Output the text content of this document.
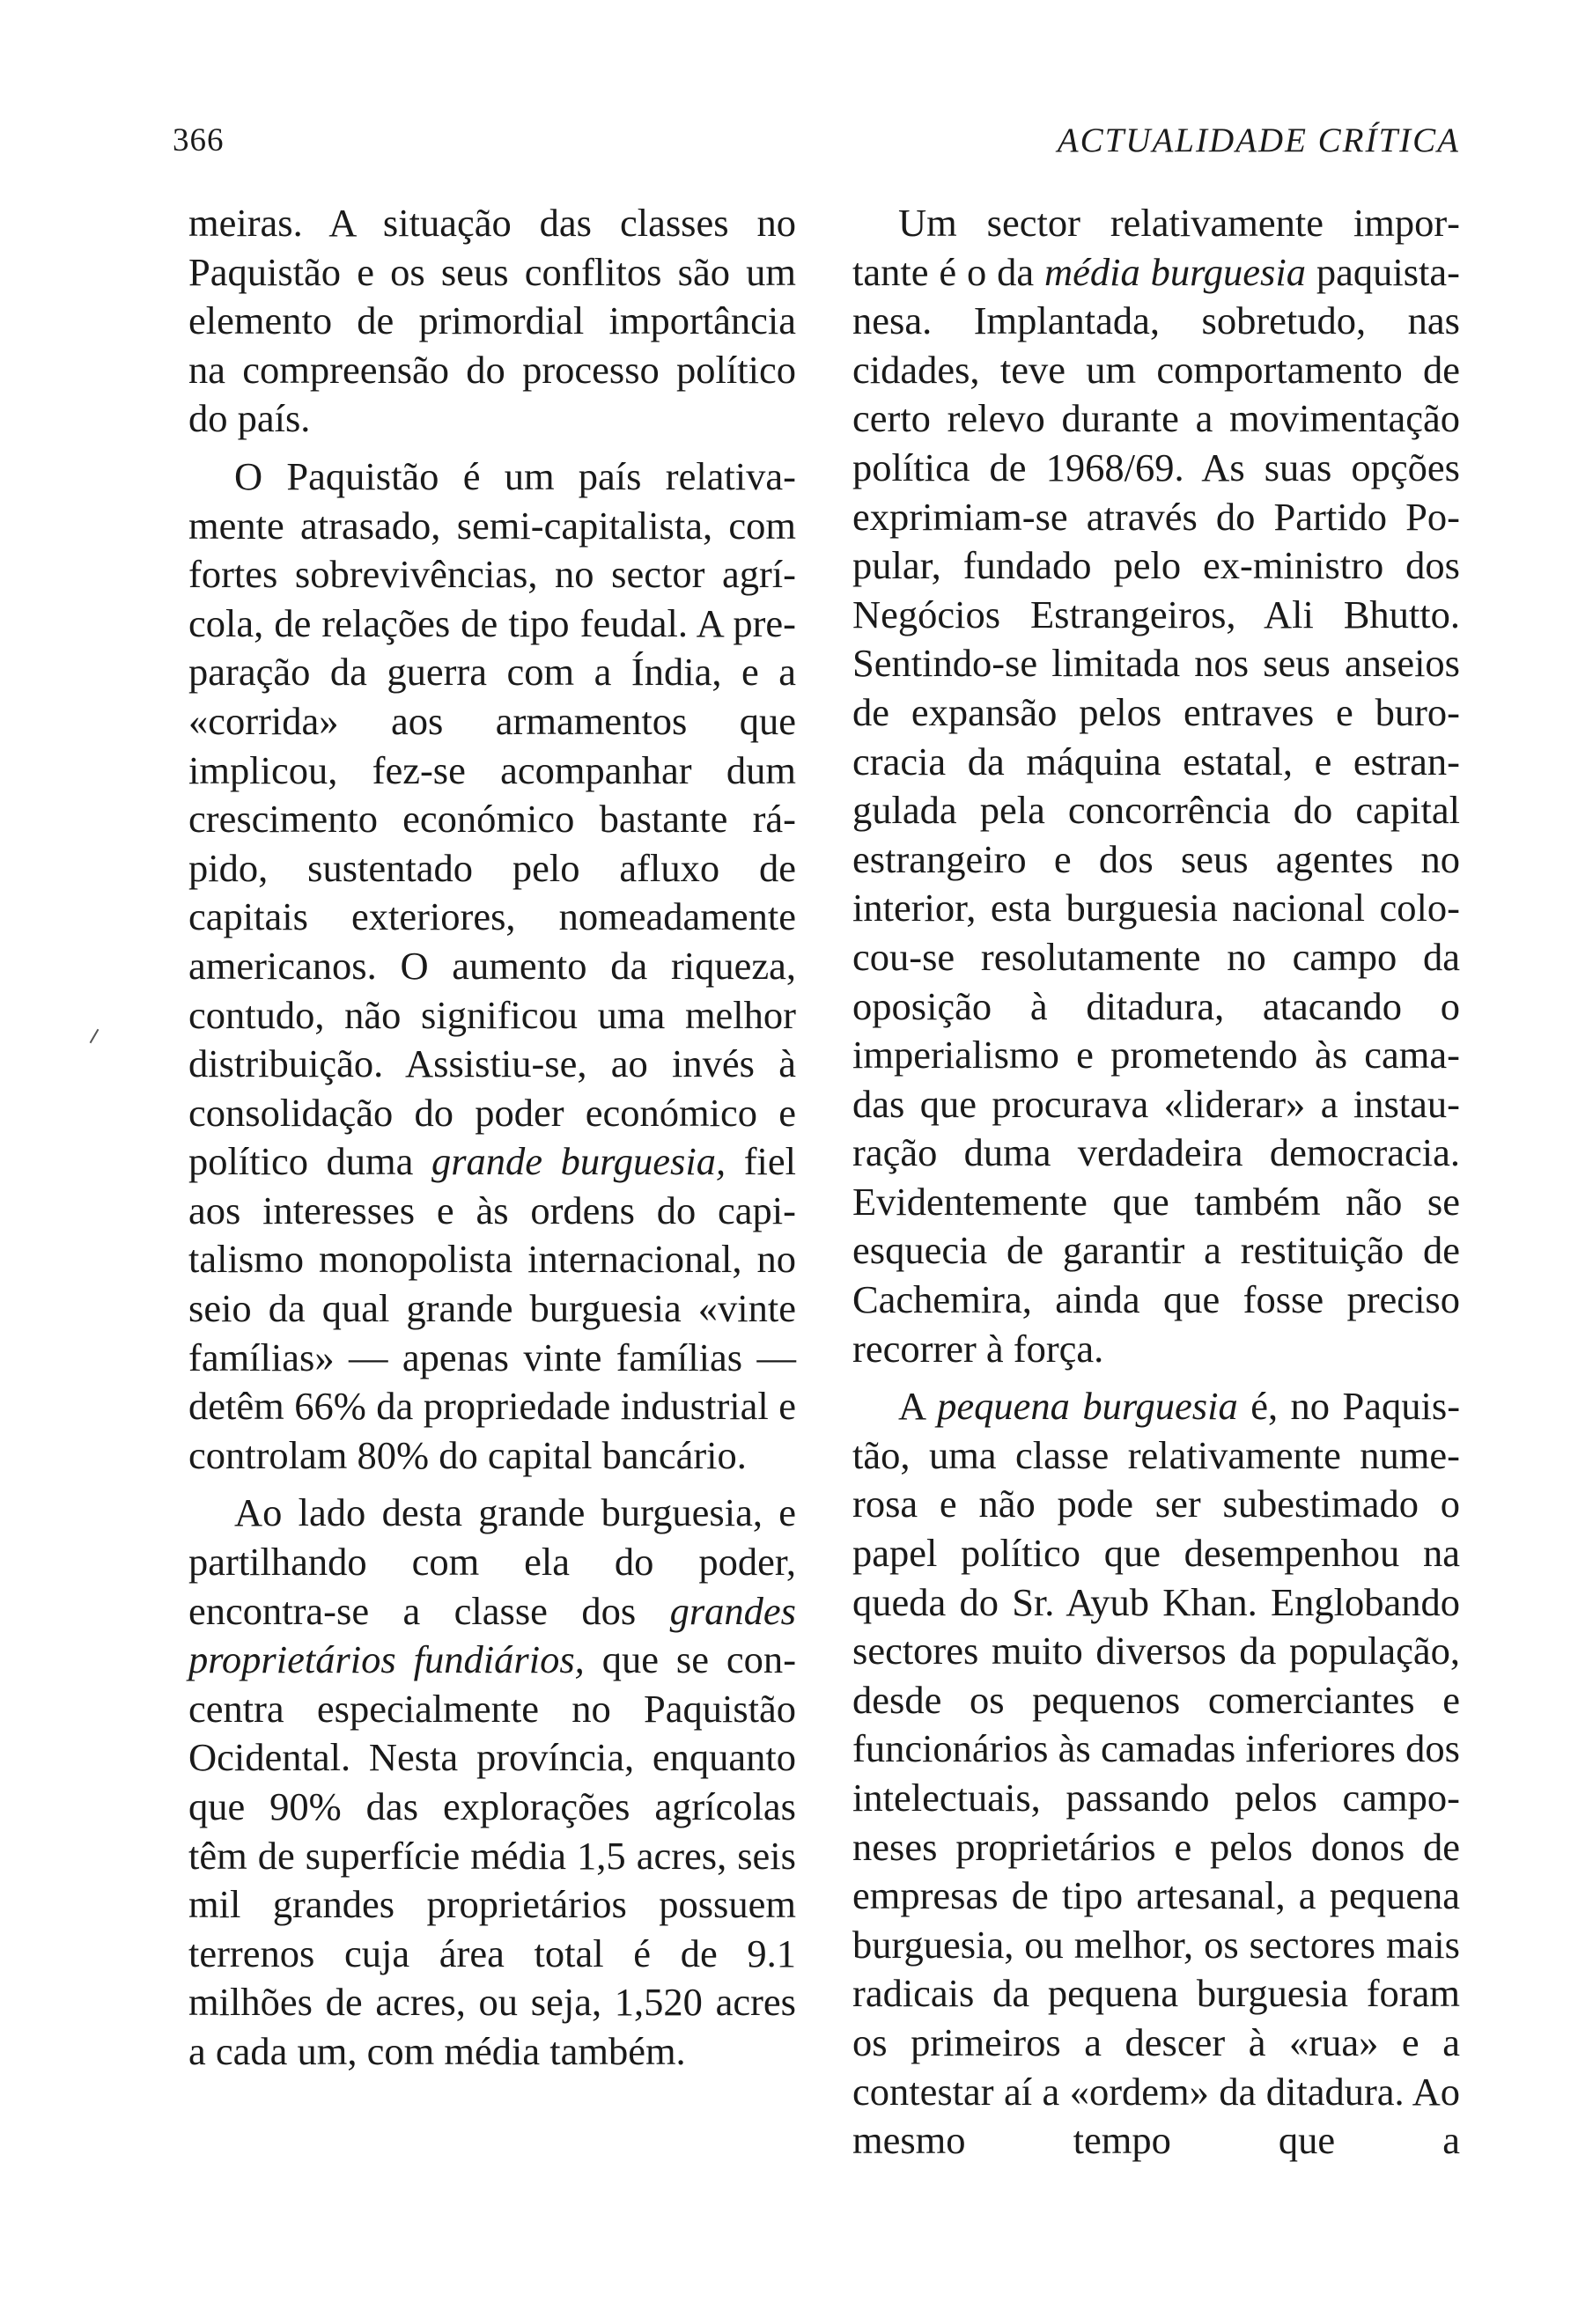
366	ACTUALIDADE CRÍTICA

meiras. A situação das classes no Paquistão e os seus conflitos são um elemento de primordial importância na compreensão do processo político do país.

O Paquistão é um país relativamente atrasado, semi-capitalista, com fortes sobrevivências, no sector agrícola, de relações de tipo feudal. A preparação da guerra com a Índia, e a «corrida» aos armamentos que implicou, fez-se acompanhar dum crescimento económico bastante rápido, sustentado pelo afluxo de capitais exteriores, nomeadamente americanos. O aumento da riqueza, contudo, não significou uma melhor distribuição. Assistiu-se, ao invés à consolidação do poder económico e político duma grande burguesia, fiel aos interesses e às ordens do capitalismo monopolista internacional, no seio da qual grande burguesia «vinte famílias» — apenas vinte famílias — detêm 66% da propriedade industrial e controlam 80% do capital bancário.

Ao lado desta grande burguesia, e partilhando com ela do poder, encontra-se a classe dos grandes proprietários fundiários, que se concentra especialmente no Paquistão Ocidental. Nesta província, enquanto que 90% das explorações agrícolas têm de superfície média 1,5 acres, seis mil grandes proprietários possuem terrenos cuja área total é de 9.1 milhões de acres, ou seja, 1,520 acres a cada um, com média também.

Um sector relativamente importante é o da média burguesia paquistanesa. Implantada, sobretudo, nas cidades, teve um comportamento de certo relevo durante a movimentação política de 1968/69. As suas opções exprimiam-se através do Partido Popular, fundado pelo ex-ministro dos Negócios Estrangeiros, Ali Bhutto. Sentindo-se limitada nos seus anseios de expansão pelos entraves e burocracia da máquina estatal, e estrangulada pela concorrência do capital estrangeiro e dos seus agentes no interior, esta burguesia nacional colocou-se resolutamente no campo da oposição à ditadura, atacando o imperialismo e prometendo às camadas que procurava «liderar» a instauração duma verdadeira democracia. Evidentemente que também não se esquecia de garantir a restituição de Cachemira, ainda que fosse preciso recorrer à força.

A pequena burguesia é, no Paquistão, uma classe relativamente numerosa e não pode ser subestimado o papel político que desempenhou na queda do Sr. Ayub Khan. Englobando sectores muito diversos da população, desde os pequenos comerciantes e funcionários às camadas inferiores dos intelectuais, passando pelos camponeses proprietários e pelos donos de empresas de tipo artesanal, a pequena burguesia, ou melhor, os sectores mais radicais da pequena burguesia foram os primeiros a descer à «rua» e a contestar aí a «ordem» da ditadura. Ao mesmo tempo que a
